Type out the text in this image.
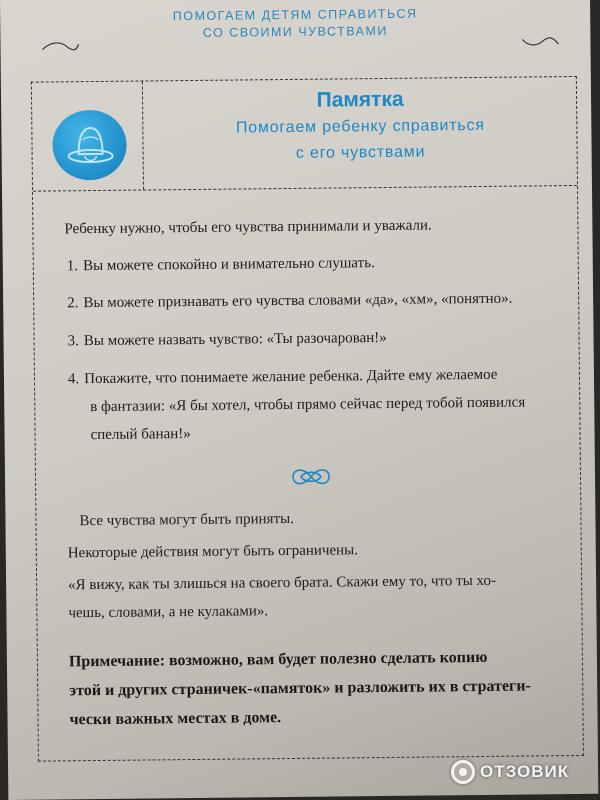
ПОМОГАЕМ ДЕТЯМ СПРАВИТЬСЯ
СО СВОИМИ ЧУВСТВАМИ
Памятка
Помогаем ребенку справиться
с его чувствами
Ребенку нужно, чтобы его чувства принимали и уважали.
1. Вы можете спокойно и внимательно слушать.
2. Вы можете признавать его чувства словами «да», «хм», «понятно».
3. Вы можете назвать чувство: «Ты разочарован!»
4. Покажите, что понимаете желание ребенка. Дайте ему желаемое
в фантазии: «Я бы хотел, чтобы прямо сейчас перед тобой появился
спелый банан!»
Все чувства могут быть приняты.
Некоторые действия могут быть ограничены.
«Я вижу, как ты злишься на своего брата. Скажи ему то, что ты хо-
чешь, словами, а не кулаками».
Примечание: возможно, вам будет полезно сделать копию
этой и других страничек-«памяток» и разложить их в стратеги-
чески важных местах в доме.
ОТЗОВИК
